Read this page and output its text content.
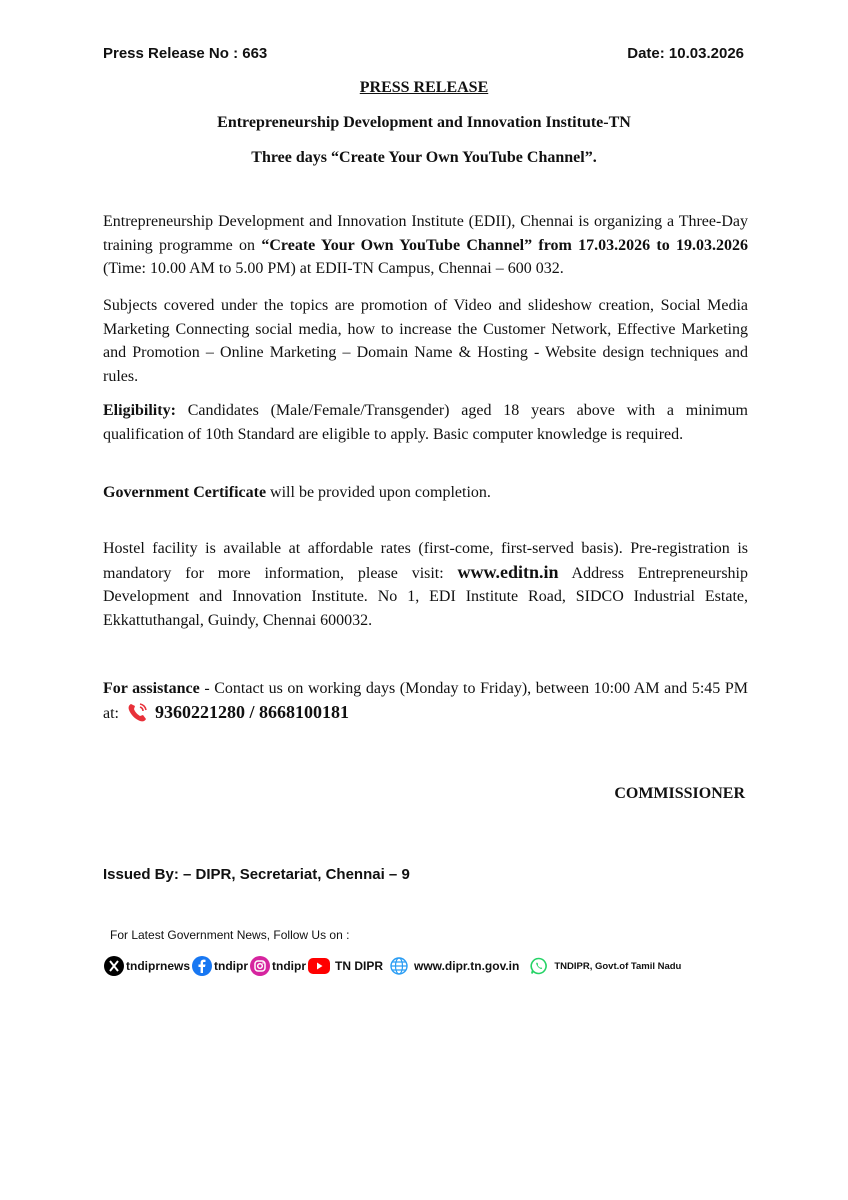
Press Release No : 663	Date: 10.03.2026
PRESS RELEASE
Entrepreneurship Development and Innovation Institute-TN
Three days “Create Your Own YouTube Channel”.
Entrepreneurship Development and Innovation Institute (EDII), Chennai is organizing a Three-Day training programme on “Create Your Own YouTube Channel” from 17.03.2026 to 19.03.2026 (Time: 10.00 AM to 5.00 PM) at EDII-TN Campus, Chennai – 600 032.
Subjects covered under the topics are promotion of Video and slideshow creation, Social Media Marketing Connecting social media, how to increase the Customer Network, Effective Marketing and Promotion – Online Marketing – Domain Name & Hosting - Website design techniques and rules.
Eligibility: Candidates (Male/Female/Transgender) aged 18 years above with a minimum qualification of 10th Standard are eligible to apply. Basic computer knowledge is required.
Government Certificate will be provided upon completion.
Hostel facility is available at affordable rates (first-come, first-served basis). Pre-registration is mandatory for more information, please visit: www.editn.in Address Entrepreneurship Development and Innovation Institute. No 1, EDI Institute Road, SIDCO Industrial Estate, Ekkattuthangal, Guindy, Chennai 600032.
For assistance - Contact us on working days (Monday to Friday), between 10:00 AM and 5:45 PM at: 9360221280 / 8668100181
COMMISSIONER
Issued By: – DIPR, Secretariat, Chennai – 9
For Latest Government News, Follow Us on :
tndiprnews tndipr tndipr TN DIPR	www.dipr.tn.gov.in	TNDIPR, Govt.of Tamil Nadu
